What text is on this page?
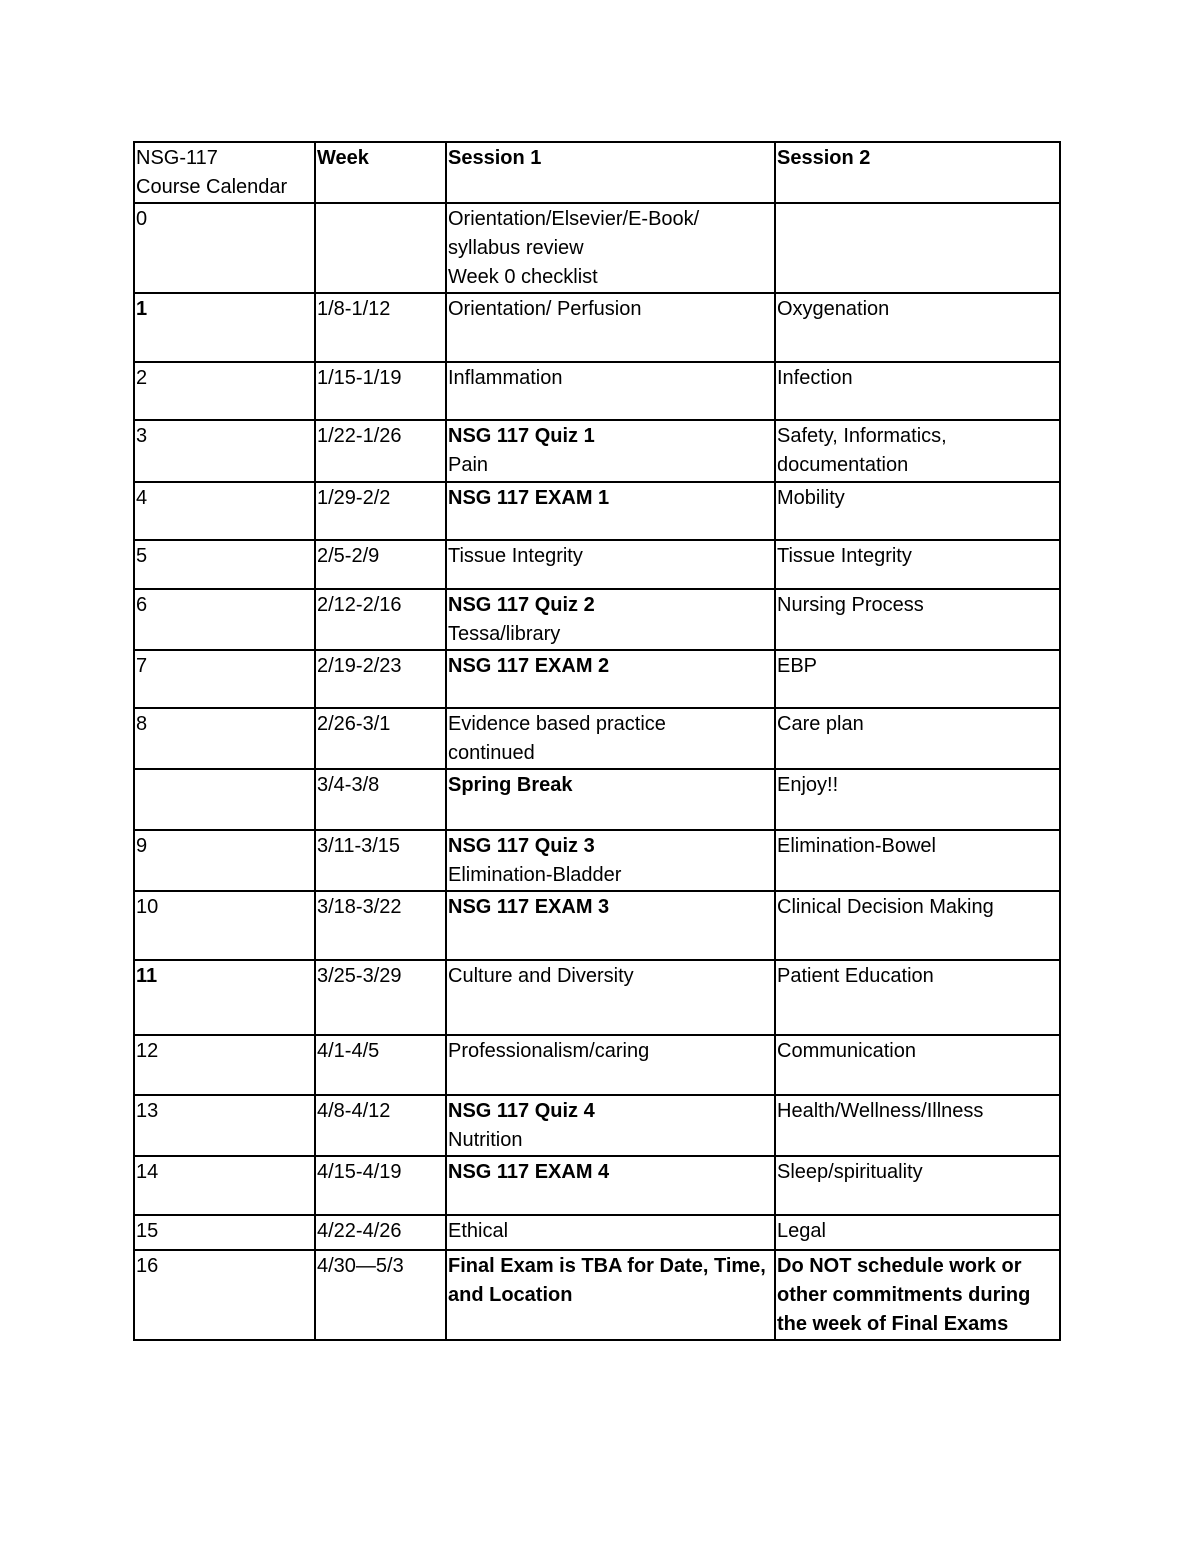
NSG-117
Course Calendar	Week	Session 1	Session 2
0		Orientation/Elsevier/E-Book/
syllabus review
Week 0 checklist	

1	1/8-1/12	Orientation/ Perfusion	Oxygenation

2	1/15-1/19	Inflammation	Infection

3	1/22-1/26	NSG 117 Quiz 1
Pain	Safety, Informatics,
documentation

4	1/29-2/2	NSG 117 EXAM 1	Mobility

5	2/5-2/9	Tissue Integrity	Tissue Integrity

6	2/12-2/16	NSG 117 Quiz 2
Tessa/library	Nursing Process

7	2/19-2/23	NSG 117 EXAM 2	EBP

8	2/26-3/1	Evidence based practice
continued	Care plan

	3/4-3/8	Spring Break	Enjoy!!

9	3/11-3/15	NSG 117 Quiz 3
Elimination-Bladder	Elimination-Bowel

10	3/18-3/22	NSG 117 EXAM 3	Clinical Decision Making

11	3/25-3/29	Culture and Diversity	Patient Education

12	4/1-4/5	Professionalism/caring	Communication

13	4/8-4/12	NSG 117 Quiz 4
Nutrition	Health/Wellness/Illness

14	4/15-4/19	NSG 117 EXAM 4	Sleep/spirituality

15	4/22-4/26	Ethical	Legal

16	4/30—5/3	Final Exam is TBA for Date, Time,
and Location	Do NOT schedule work or
other commitments during
the week of Final Exams
